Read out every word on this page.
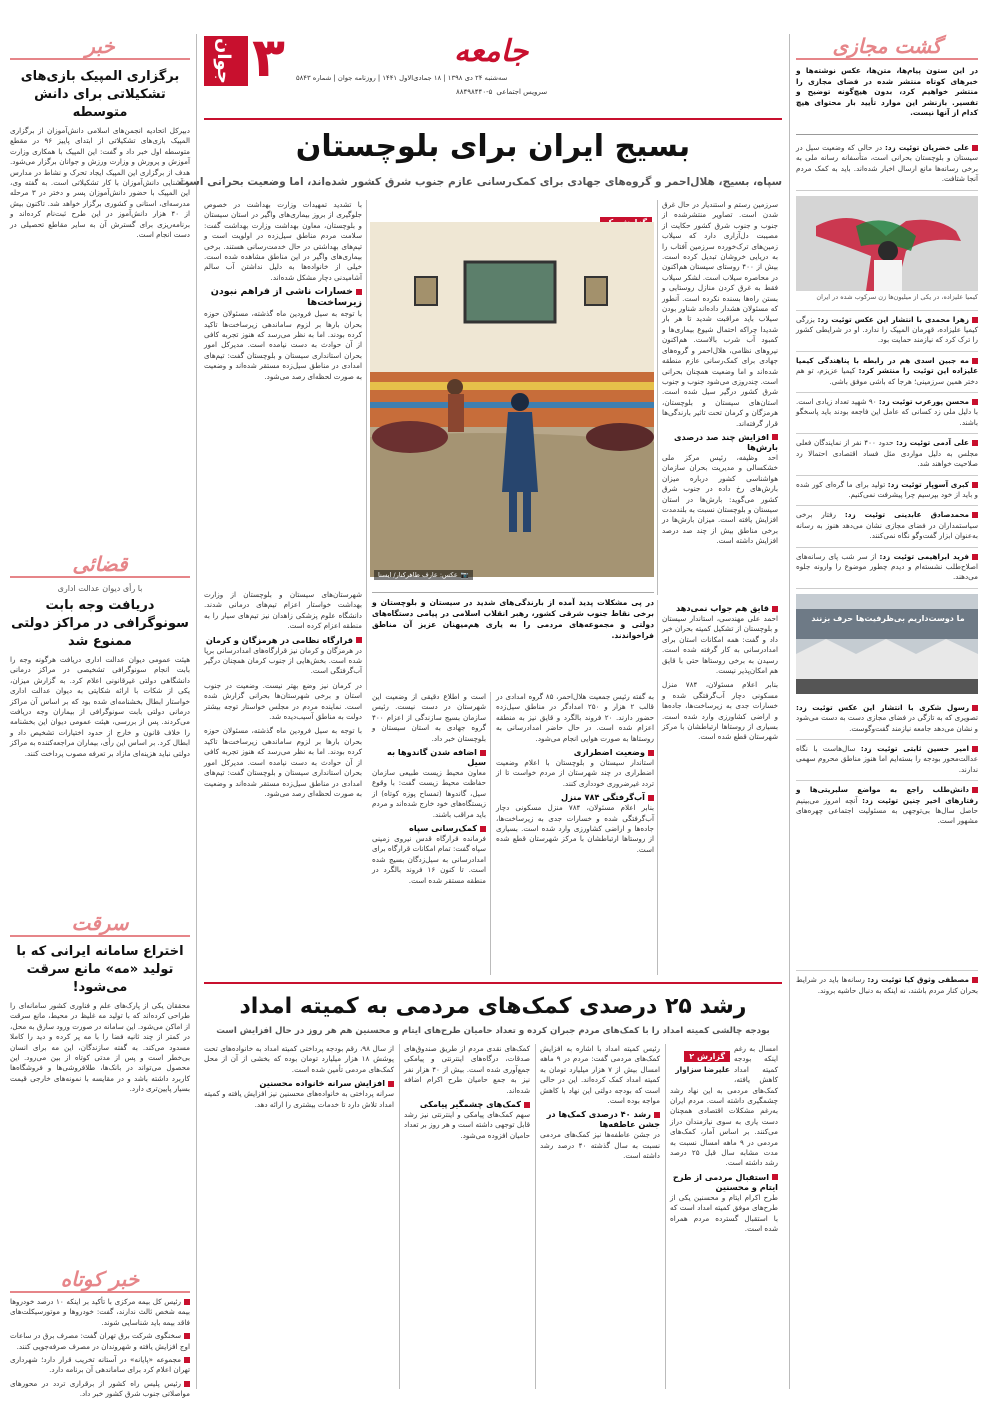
گشت مجازی
در این ستون پیام‌ها، متن‌ها، عکس نوشته‌ها و خبرهای کوتاه منتشر شده در فضای مجازی را منتشر خواهیم کرد، بدون هیچ‌گونه توضیح و تفسیر. بازنشر این موارد تأیید بار محتوای هیچ کدام از آنها نیست.
علی خضریان توئیت زد: در حالی که وضعیت سیل در سیستان و بلوچستان بحرانی است، متأسفانه رسانه ملی به برخی رسانه‌ها مانع ارسال اخبار شده‌اند. باید به کمک مردم آنجا شتافت.
کیمیا علیزاده، در یکی از میلیون‌ها زن سرکوب شده در ایران
زهرا محمدی با انتشار این عکس توئیت زد: بزرگی کیمیا علیزاده، قهرمان المپیک را ندارد. او در شرایطی کشور را ترک کرد که نیازمند حمایت بود.
مه جبین اسدی هم در رابطه با پناهندگی کیمیا علیزاده این توئیت را منتشر کرد: کیمیا عزیزم، تو هم دختر همین سرزمینی؛ هرجا که باشی موفق باشی.
محسن پورعرب توئیت زد: ۹۰ شهید تعداد زیادی است. با دلیل ملی زد کسانی که عامل این فاجعه بودند باید پاسخگو باشند.
علی آدمی توئیت زد: حدود ۴۰۰ نفر از نمایندگان فعلی مجلس به دلیل مواردی مثل فساد اقتصادی احتمالا رد صلاحیت خواهند شد.
کبری آسوپار توئیت زد: تولید برای ما گره‌ای کور شده و باید از خود بپرسیم چرا پیشرفت نمی‌کنیم.
محمدصادق عابدینی توئیت زد: رفتار برخی سیاستمداران در فضای مجازی نشان می‌دهد هنوز به رسانه به‌عنوان ابزار گفت‌وگو نگاه نمی‌کنند.
فرید ابراهیمی توئیت زد: از سر شب پای رسانه‌های اصلاح‌طلب نشسته‌ام و دیدم چطور موضوع را وارونه جلوه می‌دهند.
ما دوست‌داریم بی‌ظرفیت‌ها حرف بزنند
رسول شکری با انتشار این عکس توئیت زد: تصویری که به تازگی در فضای مجازی دست به دست می‌شود و نشان می‌دهد جامعه نیازمند گفت‌وگوست.
امیر حسین ثابتی توئیت زد: سال‌هاست با نگاه عدالت‌محور بودجه را بسته‌ایم اما هنوز مناطق محروم سهمی ندارند.
دانش‌طلب راجع به مواضع سلبریتی‌ها و رفتارهای اخیر چنین توئیت زد: آنچه امروز می‌بینیم حاصل سال‌ها بی‌توجهی به مسئولیت اجتماعی چهره‌های مشهور است.
مصطفی وثوق کیا توئیت زد: رسانه‌ها باید در شرایط بحران کنار مردم باشند، نه اینکه به دنبال حاشیه بروند.
خبر
برگزاری المپیک بازی‌های تشکیلاتی برای دانش متوسطه
دبیرکل اتحادیه انجمن‌های اسلامی دانش‌آموزان از برگزاری المپیک بازی‌های تشکیلاتی از ابتدای پاییز ۹۶ در مقطع متوسطه اول خبر داد و گفت: این المپیک با همکاری وزارت آموزش و پرورش و وزارت ورزش و جوانان برگزار می‌شود. هدف از برگزاری این المپیک ایجاد تحرک و نشاط در مدارس و آشنایی دانش‌آموزان با کار تشکیلاتی است. به گفته وی، این المپیک با حضور دانش‌آموزان پسر و دختر در ۳ مرحله مدرسه‌ای، استانی و کشوری برگزار خواهد شد. تاکنون بیش از ۴۰ هزار دانش‌آموز در این طرح ثبت‌نام کرده‌اند و برنامه‌ریزی برای گسترش آن به سایر مقاطع تحصیلی در دست انجام است.
قضائی
با رأی دیوان عدالت اداری
دریافت وجه بابت سونوگرافی در مراکز دولتی ممنوع شد
هیئت عمومی دیوان عدالت اداری دریافت هرگونه وجه را بابت انجام سونوگرافی تشخیصی در مراکز درمانی دانشگاهی دولتی غیرقانونی اعلام کرد. به گزارش میزان، یکی از شکات با ارائه شکایتی به دیوان عدالت اداری خواستار ابطال بخشنامه‌ای شده بود که بر اساس آن مراکز درمانی دولتی بابت سونوگرافی از بیماران وجه دریافت می‌کردند. پس از بررسی، هیئت عمومی دیوان این بخشنامه را خلاف قانون و خارج از حدود اختیارات تشخیص داد و ابطال کرد. بر اساس این رأی، بیماران مراجعه‌کننده به مراکز دولتی نباید هزینه‌ای مازاد بر تعرفه مصوب پرداخت کنند.
سرقت
اختراع سامانه ایرانی که با تولید «مه» مانع سرقت می‌شود!
محققان یکی از پارک‌های علم و فناوری کشور سامانه‌ای را طراحی کرده‌اند که با تولید مه غلیظ در محیط، مانع سرقت از اماکن می‌شود. این سامانه در صورت ورود سارق به محل، در کمتر از چند ثانیه فضا را با مه پر کرده و دید را کاملا مسدود می‌کند. به گفته سازندگان، این مه برای انسان بی‌خطر است و پس از مدتی کوتاه از بین می‌رود. این محصول می‌تواند در بانک‌ها، طلافروشی‌ها و فروشگاه‌ها کاربرد داشته باشد و در مقایسه با نمونه‌های خارجی قیمت بسیار پایین‌تری دارد.
خبر کوتاه
رئیس کل بیمه مرکزی با تأکید بر اینکه ۱۰ درصد خودروها بیمه شخص ثالث ندارند، گفت: خودروها و موتورسیکلت‌های فاقد بیمه باید شناسایی شوند.
سخنگوی شرکت برق تهران گفت: مصرف برق در ساعات اوج افزایش یافته و شهروندان در مصرف صرفه‌جویی کنند.
مجموعه «پایانه» در آستانه تخریب قرار دارد؛ شهرداری تهران اعلام کرد برای ساماندهی آن برنامه دارد.
رئیس پلیس راه کشور از برقراری تردد در محورهای مواصلاتی جنوب شرق کشور خبر داد.
جوان ۳	جامعه
سه‌شنبه ۲۴ دی ۱۳۹۸ | ۱۸ جمادی‌الاول ۱۴۴۱ | روزنامه جوان | شماره ۵۸۴۳
سرویس اجتماعی
۸۸۴۹۸۴۴۰-۵
بسیج ایران برای بلوچستان
سپاه، بسیج، هلال‌احمر و گروه‌های جهادی برای کمک‌رسانی عازم جنوب شرق کشور شده‌اند، اما وضعیت بحرانی است
سرزمین رستم و استندیار در حال غرق شدن است. تصاویر منتشرشده از جنوب و جنوب شرق کشور حکایت از مصیبت دل‌آزاری دارد که سیلاب زمین‌های ترک‌خورده سرزمین آفتاب را به دریایی خروشان تبدیل کرده است. بیش از ۴۰۰ روستای سیستان هم‌اکنون در محاصره سیلاب است. لشکر سیلاب فقط به غرق کردن منازل روستایی و بستن راه‌ها بسنده نکرده است. آنطور که مسئولان هشدار داده‌اند شناور بودن سیلاب باید مراقبت شدید تا هر بار شدیدا چراکه احتمال شیوع بیماری‌ها و کمبود آب شرب بالاست. هم‌اکنون نیروهای نظامی، هلال‌احمر و گروه‌های جهادی برای کمک‌رسانی عازم منطقه شده‌اند و اما وضعیت همچنان بحرانی است. چندروزی می‌شود جنوب و جنوب شرق کشور درگیر سیل شده است. استان‌های سیستان و بلوچستان، هرمزگان و کرمان تحت تاثیر بارندگی‌ها قرار گرفته‌اند.
افزایش چند صد درصدی بارش‌ها
احد وظیفه، رئیس مرکز ملی خشکسالی و مدیریت بحران سازمان هواشناسی کشور درباره میزان بارش‌های رخ داده در جنوب شرق کشور می‌گوید: بارش‌ها در استان سیستان و بلوچستان نسبت به بلندمدت افزایش یافته است. میزان بارش‌ها در برخی مناطق بیش از چند صد درصد افزایش داشته است.
📷
عکس: عارف طاهرکنار/ ایسنا
با تشدید تمهیدات وزارت بهداشت در خصوص جلوگیری از بروز بیماری‌های واگیر در استان سیستان و بلوچستان، معاون بهداشت وزارت بهداشت گفت: سلامت مردم مناطق سیل‌زده در اولویت است و تیم‌های بهداشتی در حال خدمت‌رسانی هستند. برخی بیماری‌های واگیر در این مناطق مشاهده شده است. خیلی از خانواده‌ها به دلیل نداشتن آب سالم آشامیدنی دچار مشکل شده‌اند.
خسارات ناشی از فراهم نبودن زیرساخت‌ها
با توجه به سیل فرودین ماه گذشته، مسئولان حوزه بحران بارها بر لزوم ساماندهی زیرساخت‌ها تاکید کرده بودند. اما به نظر می‌رسد که هنوز تجربه کافی از آن حوادث به دست نیامده است. مدیرکل امور بحران استانداری سیستان و بلوچستان گفت: تیم‌های امدادی در مناطق سیل‌زده مستقر شده‌اند و وضعیت به صورت لحظه‌ای رصد می‌شود.
در پی مشکلات پدید آمده از بارندگی‌های شدید در سیستان و بلوچستان و برخی نقاط جنوب شرقی کشور، رهبر انقلاب اسلامی در پیامی دستگاه‌های دولتی و مجموعه‌های مردمی را به یاری هم‌میهنان عزیز آن مناطق فراخواندند.
قایق هم جواب نمی‌دهد
احمد علی مهندسی، استاندار سیستان و بلوچستان از تشکیل کمیته بحران خبر داد و گفت: همه امکانات استان برای امدادرسانی به کار گرفته شده است. رسیدن به برخی روستاها حتی با قایق هم امکان‌پذیر نیست.
بنابر اعلام مسئولان، ۷۸۴ منزل مسکونی دچار آب‌گرفتگی شده و خسارات جدی به زیرساخت‌ها، جاده‌ها و اراضی کشاورزی وارد شده است. بسیاری از روستاها ارتباطشان با مرکز شهرستان قطع شده است.
به گفته رئیس جمعیت هلال‌احمر، ۸۵ گروه امدادی در قالب ۲ هزار و ۲۵۰ امدادگر در مناطق سیل‌زده حضور دارند. ۲۰ فروند بالگرد و قایق نیز به منطقه اعزام شده است. در حال حاضر امدادرسانی به روستاها به صورت هوایی انجام می‌شود.
وضعیت اضطراری
استاندار سیستان و بلوچستان با اعلام وضعیت اضطراری در چند شهرستان از مردم خواست تا از تردد غیرضروری خودداری کنند.
آب‌گرفتگی ۷۸۴ منزل
بنابر اعلام مسئولان، ۷۸۴ منزل مسکونی دچار آب‌گرفتگی شده و خسارات جدی به زیرساخت‌ها، جاده‌ها و اراضی کشاورزی وارد شده است. بسیاری از روستاها ارتباطشان با مرکز شهرستان قطع شده است.
است و اطلاع دقیقی از وضعیت این شهرستان در دست نیست. رئیس سازمان بسیج سازندگی از اعزام ۴۰۰ گروه جهادی به استان سیستان و بلوچستان خبر داد.
اضافه شدن گاندوها به سیل
معاون محیط زیست طبیعی سازمان حفاظت محیط زیست گفت: با وقوع سیل، گاندوها (تمساح پوزه کوتاه) از زیستگاه‌های خود خارج شده‌اند و مردم باید مراقب باشند.
کمک‌رسانی سپاه
فرمانده قرارگاه قدس نیروی زمینی سپاه گفت: تمام امکانات قرارگاه برای امدادرسانی به سیل‌زدگان بسیج شده است. تا کنون ۱۶ فروند بالگرد در منطقه مستقر شده است.
شهرستان‌های سیستان و بلوچستان از وزارت بهداشت خواستار اعزام تیم‌های درمانی شدند. دانشگاه علوم پزشکی زاهدان نیز تیم‌های سیار را به منطقه اعزام کرده است.
قرارگاه نظامی در هرمزگان و کرمان
در هرمزگان و کرمان نیز قرارگاه‌های امدادرسانی برپا شده است. بخش‌هایی از جنوب کرمان همچنان درگیر آب‌گرفتگی است.
در کرمان نیز وضع بهتر نیست. وضعیت در جنوب استان و برخی شهرستان‌ها بحرانی گزارش شده است. نماینده مردم در مجلس خواستار توجه بیشتر دولت به مناطق آسیب‌دیده شد.
با توجه به سیل فرودین ماه گذشته، مسئولان حوزه بحران بارها بر لزوم ساماندهی زیرساخت‌ها تاکید کرده بودند. اما به نظر می‌رسد که هنوز تجربه کافی از آن حوادث به دست نیامده است. مدیرکل امور بحران استانداری سیستان و بلوچستان گفت: تیم‌های امدادی در مناطق سیل‌زده مستقر شده‌اند و وضعیت به صورت لحظه‌ای رصد می‌شود.
رشد ۲۵ درصدی کمک‌های مردمی به کمیته امداد
بودجه چالشی کمیته امداد را با کمک‌های مردم جبران کرده و تعداد حامیان طرح‌های ایتام و محسنین هم هر روز در حال افزایش است
گزارش ۲
علیرضا سزاوار
امسال به رغم اینکه بودجه کمیته امداد کاهش یافته، کمک‌های مردمی به این نهاد رشد چشمگیری داشته است. مردم ایران به‌رغم مشکلات اقتصادی همچنان دست یاری به سوی نیازمندان دراز می‌کنند. بر اساس آمار، کمک‌های مردمی در ۹ ماهه امسال نسبت به مدت مشابه سال قبل ۲۵ درصد رشد داشته است.
استقبال مردمی از طرح ایتام و محسنین
طرح اکرام ایتام و محسنین یکی از طرح‌های موفق کمیته امداد است که با استقبال گسترده مردم همراه شده است.
رئیس کمیته امداد با اشاره به افزایش کمک‌های مردمی گفت: مردم در ۹ ماهه امسال بیش از ۷ هزار میلیارد تومان به کمیته امداد کمک کرده‌اند. این در حالی است که بودجه دولتی این نهاد با کاهش مواجه بوده است.
رشد ۴۰ درصدی کمک‌ها در جشن عاطفه‌ها
در جشن عاطفه‌ها نیز کمک‌های مردمی نسبت به سال گذشته ۴۰ درصد رشد داشته است.
کمک‌های نقدی مردم از طریق صندوق‌های صدقات، درگاه‌های اینترنتی و پیامکی جمع‌آوری شده است. بیش از ۴۰ هزار نفر نیز به جمع حامیان طرح اکرام اضافه شده‌اند.
کمک‌های چشمگیر پیامکی
سهم کمک‌های پیامکی و اینترنتی نیز رشد قابل توجهی داشته است و هر روز بر تعداد حامیان افزوده می‌شود.
از سال ۹۸، رقم بودجه پرداختی کمیته امداد به خانواده‌های تحت پوشش ۱۸ هزار میلیارد تومان بوده که بخشی از آن از محل کمک‌های مردمی تأمین شده است.
افزایش سرانه خانواده محسنین
سرانه پرداختی به خانواده‌های محسنین نیز افزایش یافته و کمیته امداد تلاش دارد تا خدمات بیشتری را ارائه دهد.
